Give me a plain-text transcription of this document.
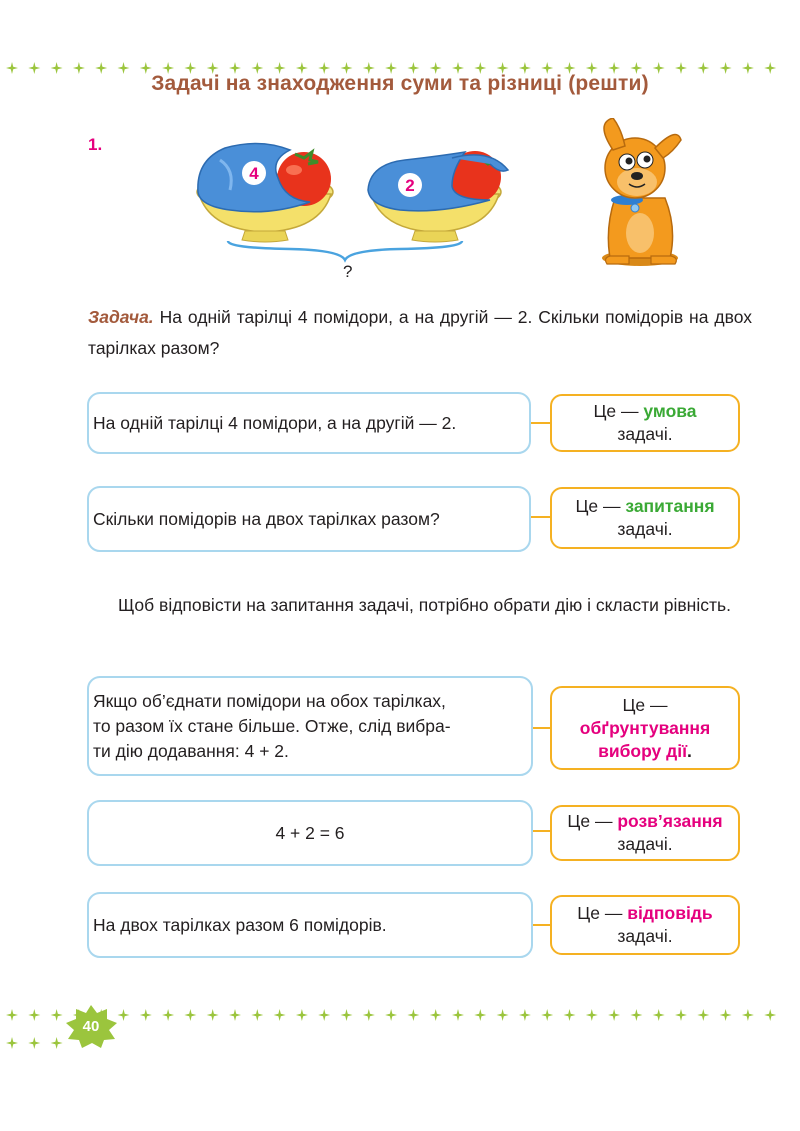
Задачі на знаходження суми та різниці (решти)
1.
4
2
?
Задача. На одній тарілці 4 помідори, а на другій — 2. Скільки помідорів на двох тарілках разом?
На одній тарілці 4 помідори, а на другій — 2.
Це — умова
задачі.
Скільки помідорів на двох тарілках разом?
Це — запитання
задачі.
Щоб відповісти на запитання задачі, потрібно обрати дію і скласти рівність.
Якщо об’єднати помідори на обох тарілках,
то разом їх стане більше. Отже, слід вибра-
ти дію додавання: 4 + 2.
Це —
обґрунтування
вибору дії.
4 + 2 = 6
Це — розв’язання
задачі.
На двох тарілках разом 6 помідорів.
Це — відповідь
задачі.
40
